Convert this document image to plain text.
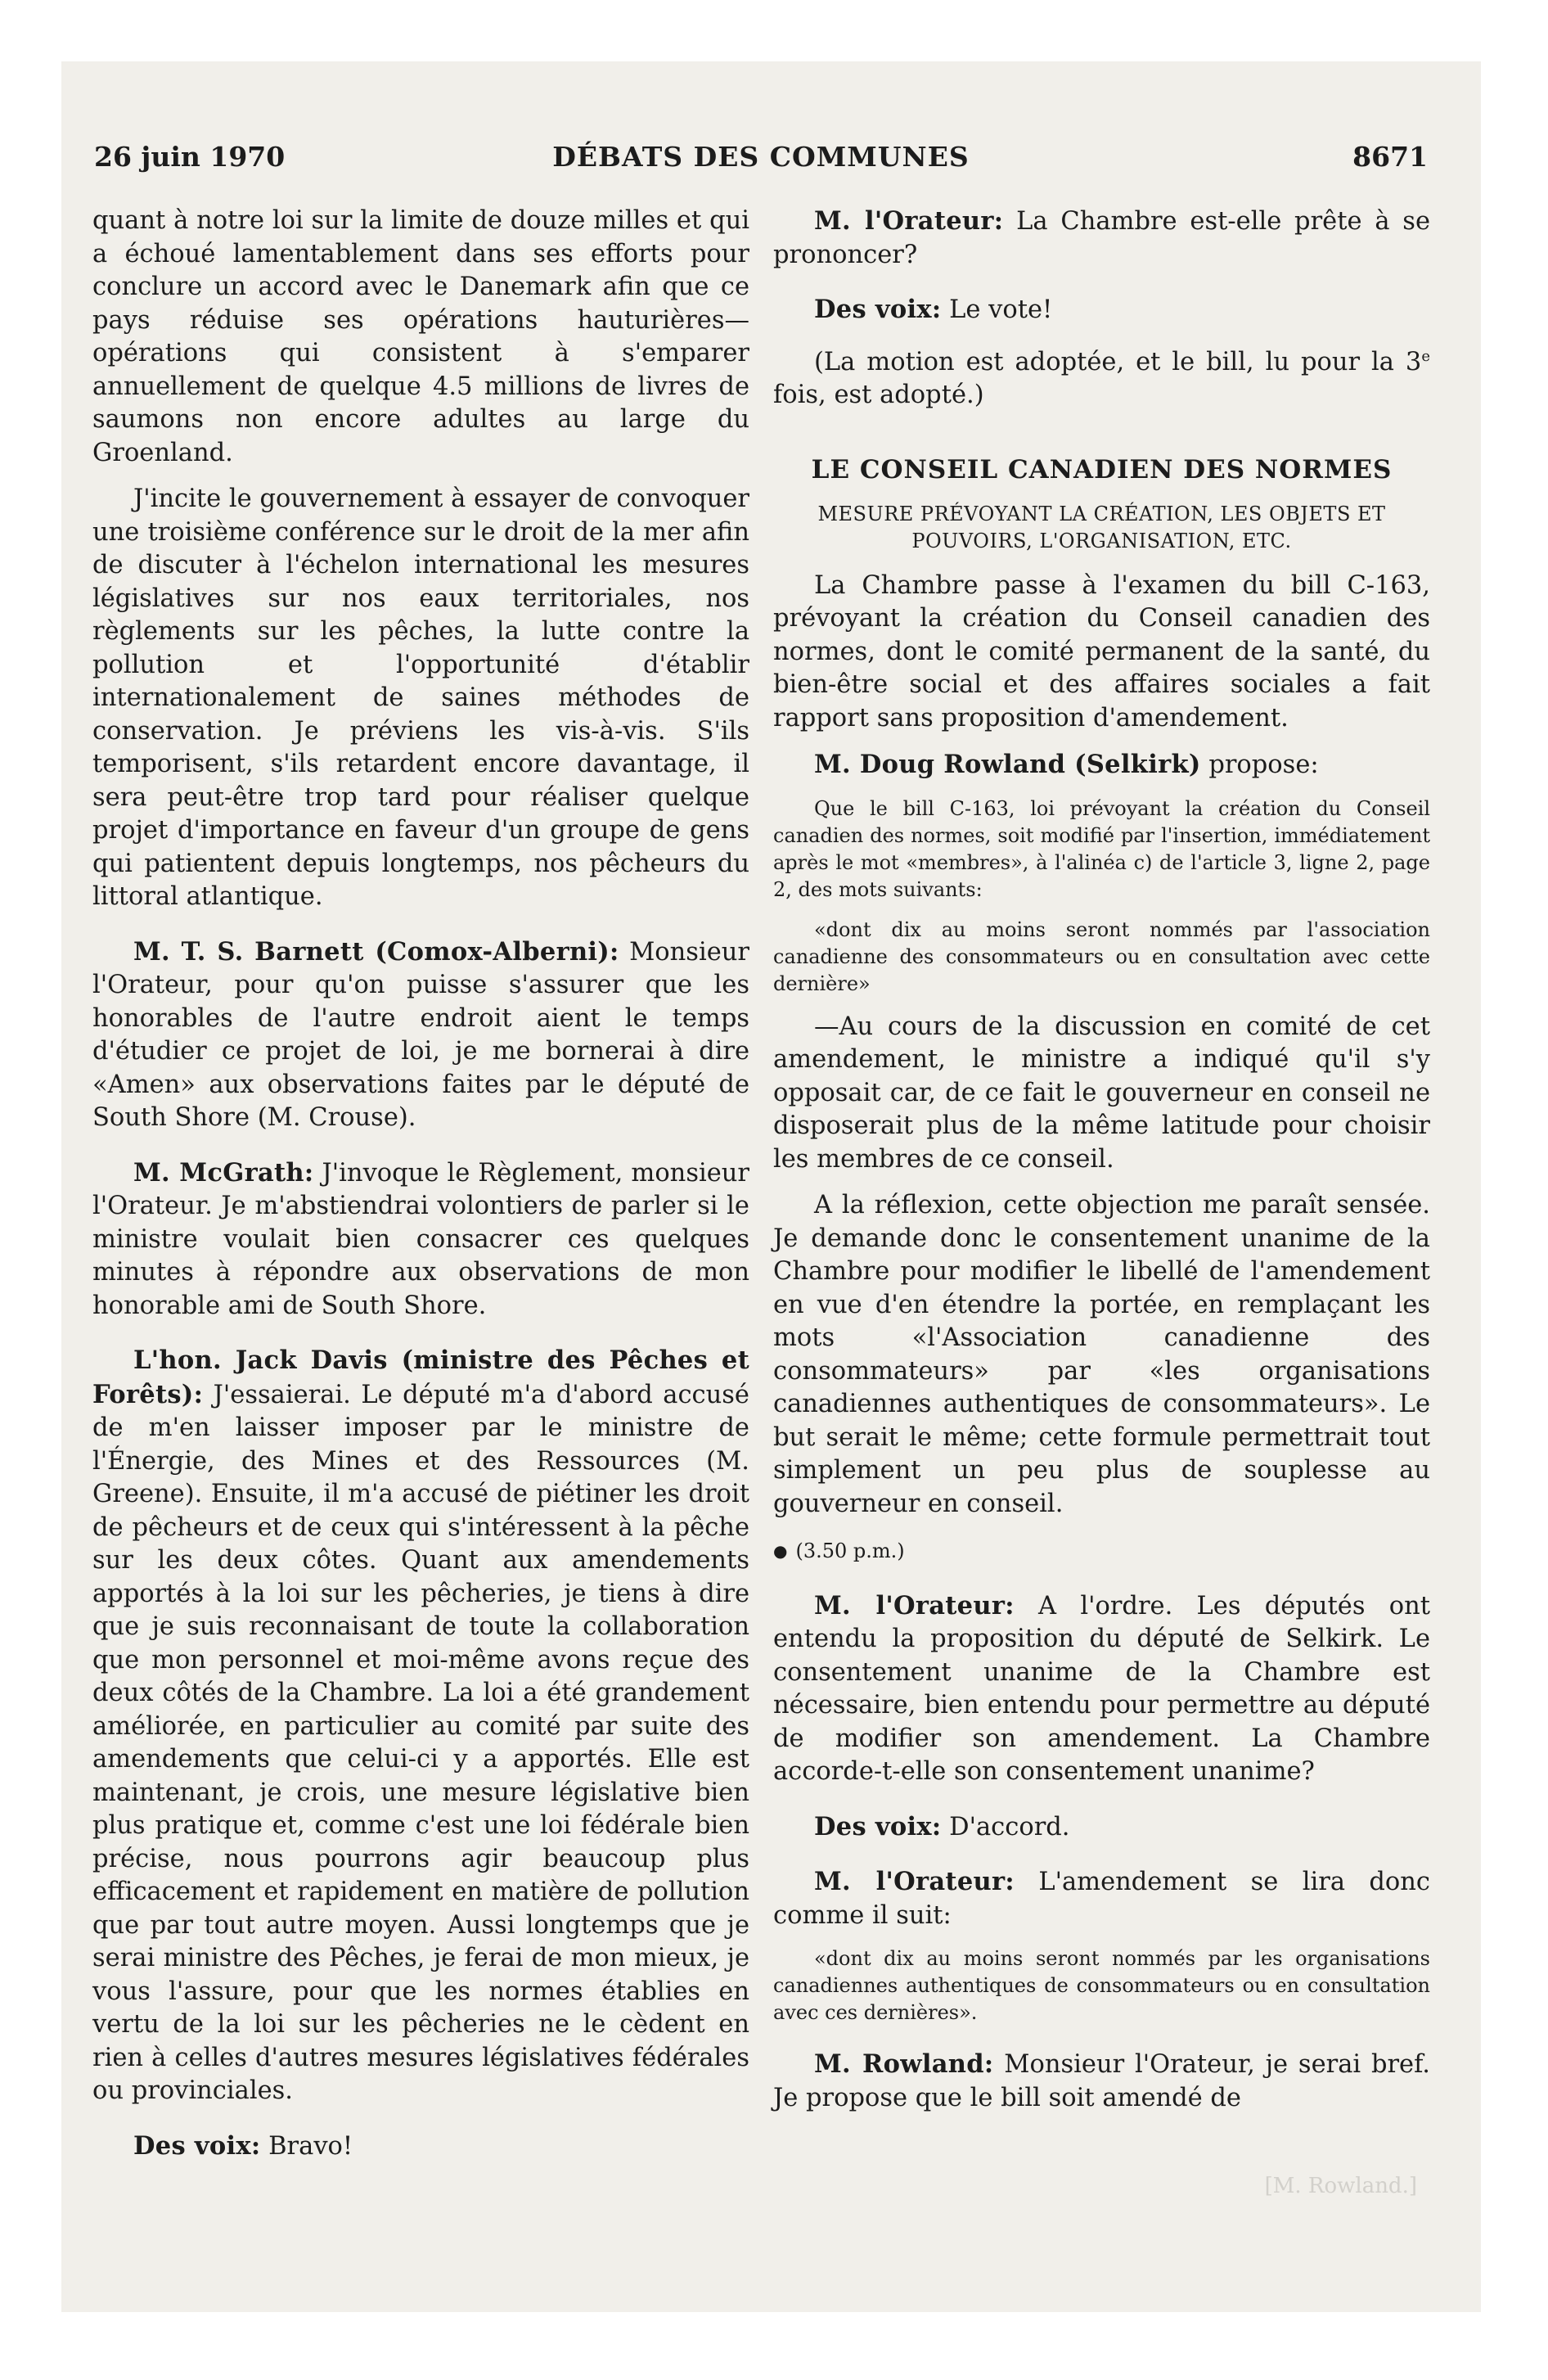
26 juin 1970	DÉBATS DES COMMUNES	8671

quant à notre loi sur la limite de douze milles et qui a échoué lamentablement dans ses efforts pour conclure un accord avec le Danemark afin que ce pays réduise ses opérations hauturières—opérations qui consistent à s'emparer annuellement de quelque 4.5 millions de livres de saumons non encore adultes au large du Groenland.

J'incite le gouvernement à essayer de convoquer une troisième conférence sur le droit de la mer afin de discuter à l'échelon international les mesures législatives sur nos eaux territoriales, nos règlements sur les pêches, la lutte contre la pollution et l'opportunité d'établir internationalement de saines méthodes de conservation. Je préviens les vis-à-vis. S'ils temporisent, s'ils retardent encore davantage, il sera peut-être trop tard pour réaliser quelque projet d'importance en faveur d'un groupe de gens qui patientent depuis longtemps, nos pêcheurs du littoral atlantique.

M. T. S. Barnett (Comox-Alberni): Monsieur l'Orateur, pour qu'on puisse s'assurer que les honorables de l'autre endroit aient le temps d'étudier ce projet de loi, je me bornerai à dire «Amen» aux observations faites par le député de South Shore (M. Crouse).

M. McGrath: J'invoque le Règlement, monsieur l'Orateur. Je m'abstiendrai volontiers de parler si le ministre voulait bien consacrer ces quelques minutes à répondre aux observations de mon honorable ami de South Shore.

L'hon. Jack Davis (ministre des Pêches et Forêts): J'essaierai. Le député m'a d'abord accusé de m'en laisser imposer par le ministre de l'Énergie, des Mines et des Ressources (M. Greene). Ensuite, il m'a accusé de piétiner les droit de pêcheurs et de ceux qui s'intéressent à la pêche sur les deux côtes. Quant aux amendements apportés à la loi sur les pêcheries, je tiens à dire que je suis reconnaisant de toute la collaboration que mon personnel et moi-même avons reçue des deux côtés de la Chambre. La loi a été grandement améliorée, en particulier au comité par suite des amendements que celui-ci y a apportés. Elle est maintenant, je crois, une mesure législative bien plus pratique et, comme c'est une loi fédérale bien précise, nous pourrons agir beaucoup plus efficacement et rapidement en matière de pollution que par tout autre moyen. Aussi longtemps que je serai ministre des Pêches, je ferai de mon mieux, je vous l'assure, pour que les normes établies en vertu de la loi sur les pêcheries ne le cèdent en rien à celles d'autres mesures législatives fédérales ou provinciales.

Des voix: Bravo!

M. l'Orateur: La Chambre est-elle prête à se prononcer?

Des voix: Le vote!

(La motion est adoptée, et le bill, lu pour la 3e fois, est adopté.)

LE CONSEIL CANADIEN DES NORMES
MESURE PRÉVOYANT LA CRÉATION, LES OBJETS ET POUVOIRS, L'ORGANISATION, ETC.

La Chambre passe à l'examen du bill C-163, prévoyant la création du Conseil canadien des normes, dont le comité permanent de la santé, du bien-être social et des affaires sociales a fait rapport sans proposition d'amendement.

M. Doug Rowland (Selkirk) propose:

Que le bill C-163, loi prévoyant la création du Conseil canadien des normes, soit modifié par l'insertion, immédiatement après le mot «membres», à l'alinéa c) de l'article 3, ligne 2, page 2, des mots suivants:

«dont dix au moins seront nommés par l'association canadienne des consommateurs ou en consultation avec cette dernière»

—Au cours de la discussion en comité de cet amendement, le ministre a indiqué qu'il s'y opposait car, de ce fait le gouverneur en conseil ne disposerait plus de la même latitude pour choisir les membres de ce conseil.

A la réflexion, cette objection me paraît sensée. Je demande donc le consentement unanime de la Chambre pour modifier le libellé de l'amendement en vue d'en étendre la portée, en remplaçant les mots «l'Association canadienne des consommateurs» par «les organisations canadiennes authentiques de consommateurs». Le but serait le même; cette formule permettrait tout simplement un peu plus de souplesse au gouverneur en conseil.

● (3.50 p.m.)

M. l'Orateur: A l'ordre. Les députés ont entendu la proposition du député de Selkirk. Le consentement unanime de la Chambre est nécessaire, bien entendu pour permettre au député de modifier son amendement. La Chambre accorde-t-elle son consentement unanime?

Des voix: D'accord.

M. l'Orateur: L'amendement se lira donc comme il suit:

«dont dix au moins seront nommés par les organisations canadiennes authentiques de consommateurs ou en consultation avec ces dernières».

M. Rowland: Monsieur l'Orateur, je serai bref. Je propose que le bill soit amendé de

[M. Rowland.]
